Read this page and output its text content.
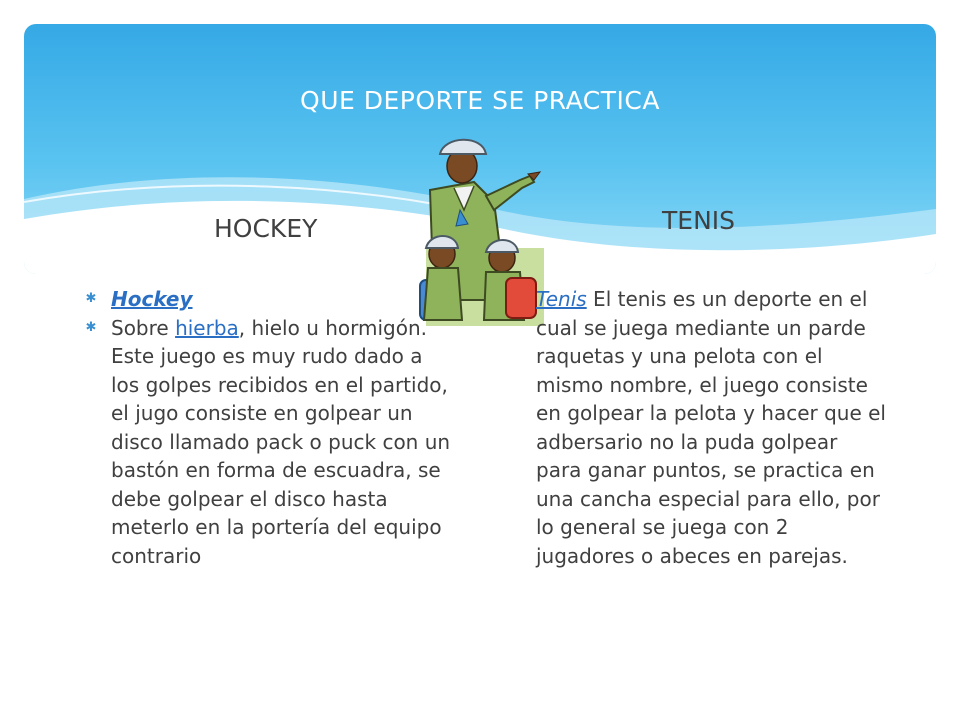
QUE DEPORTE SE PRACTICA
HOCKEY	TENIS
✱ Hockey
✱ Sobre hierba, hielo u hormigón. Este juego es muy rudo dado a los golpes recibidos en el partido, el jugo consiste en golpear un disco llamado pack o puck con un bastón en forma de escuadra, se debe golpear el disco hasta meterlo en la portería del equipo contrario
Tenis El tenis es un deporte en el cual se juega mediante un parde raquetas y una pelota con el mismo nombre, el juego consiste en golpear la pelota y hacer que el adbersario no la puda golpear para ganar puntos, se practica en una cancha especial para ello, por lo general se juega con 2 jugadores o abeces en parejas.
